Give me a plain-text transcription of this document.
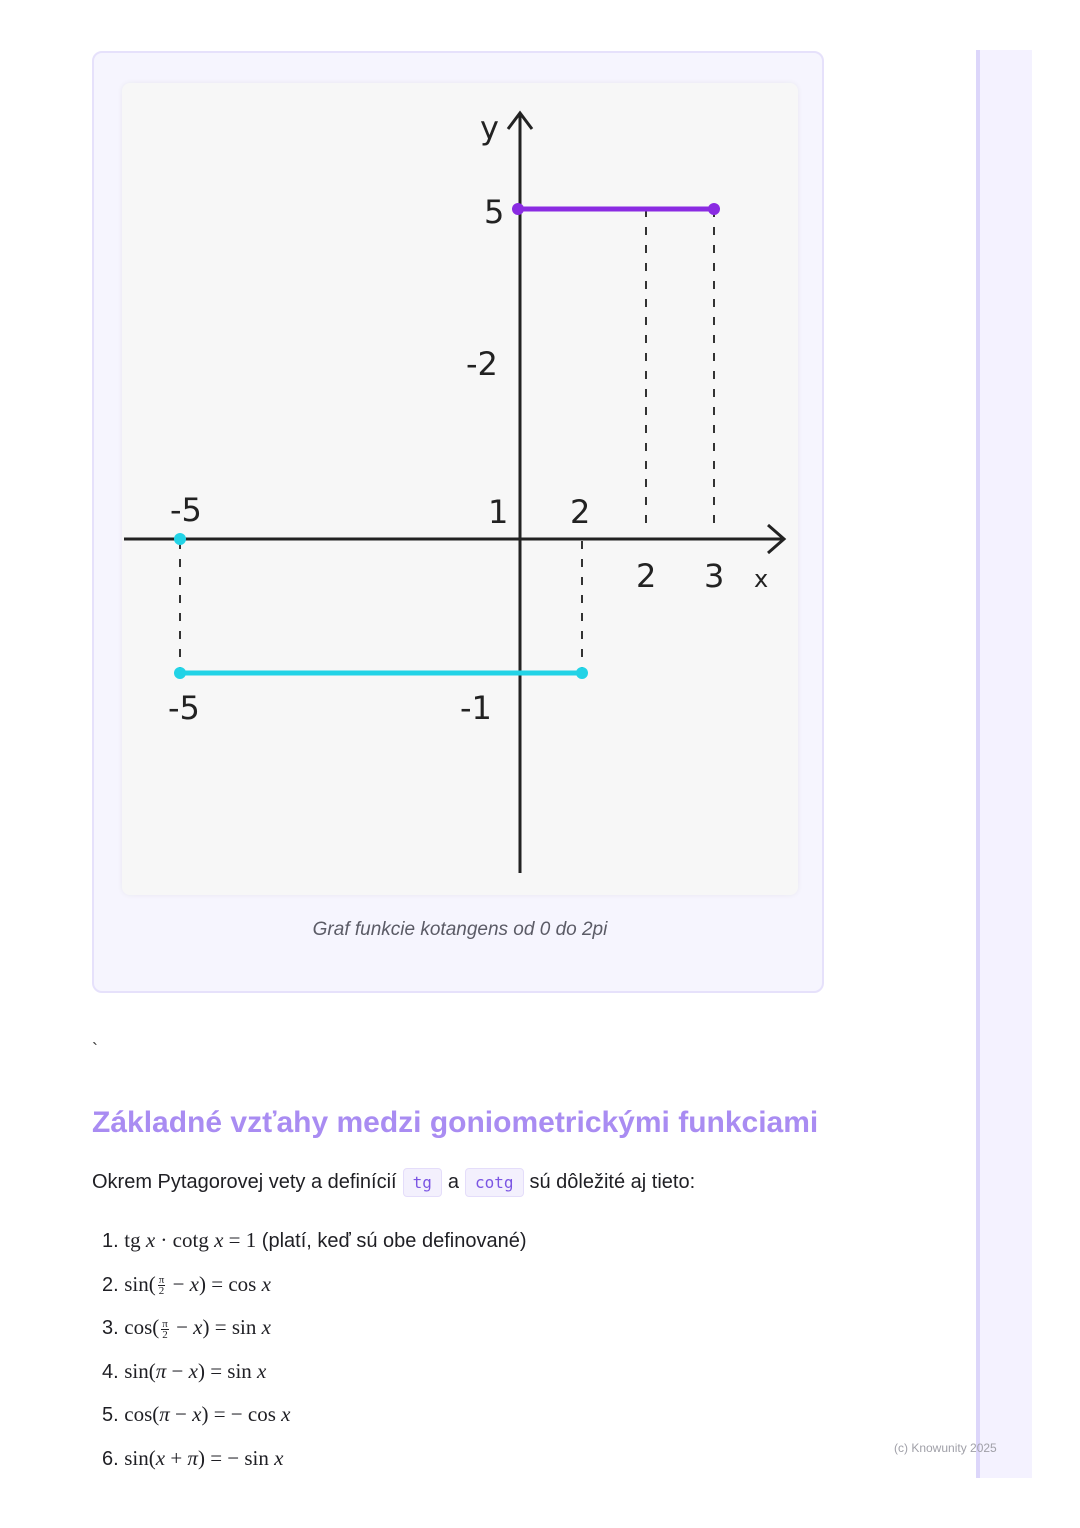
y
5
-2
1 2
-5
2 3
-5	-1
x
Graf funkcie kotangens od 0 do 2pi
`
Základné vzťahy medzi goniometrickými funkciami
Okrem Pytagorovej vety a definícií	tg a	cotg sú dôležité aj tieto:
1. tg x · cotg x = 1 (platí, keď sú obe definované)
2. $\sin( \frac{\pi}{2} - x) = \cos x$
3. $\cos( \frac{\pi}{2} - x) = \sin x$
4. sin(π − x) = sin x
5. cos(π − x) = − cos x
6. sin(x + π) = − sin x	(c) Knowunity 2025
